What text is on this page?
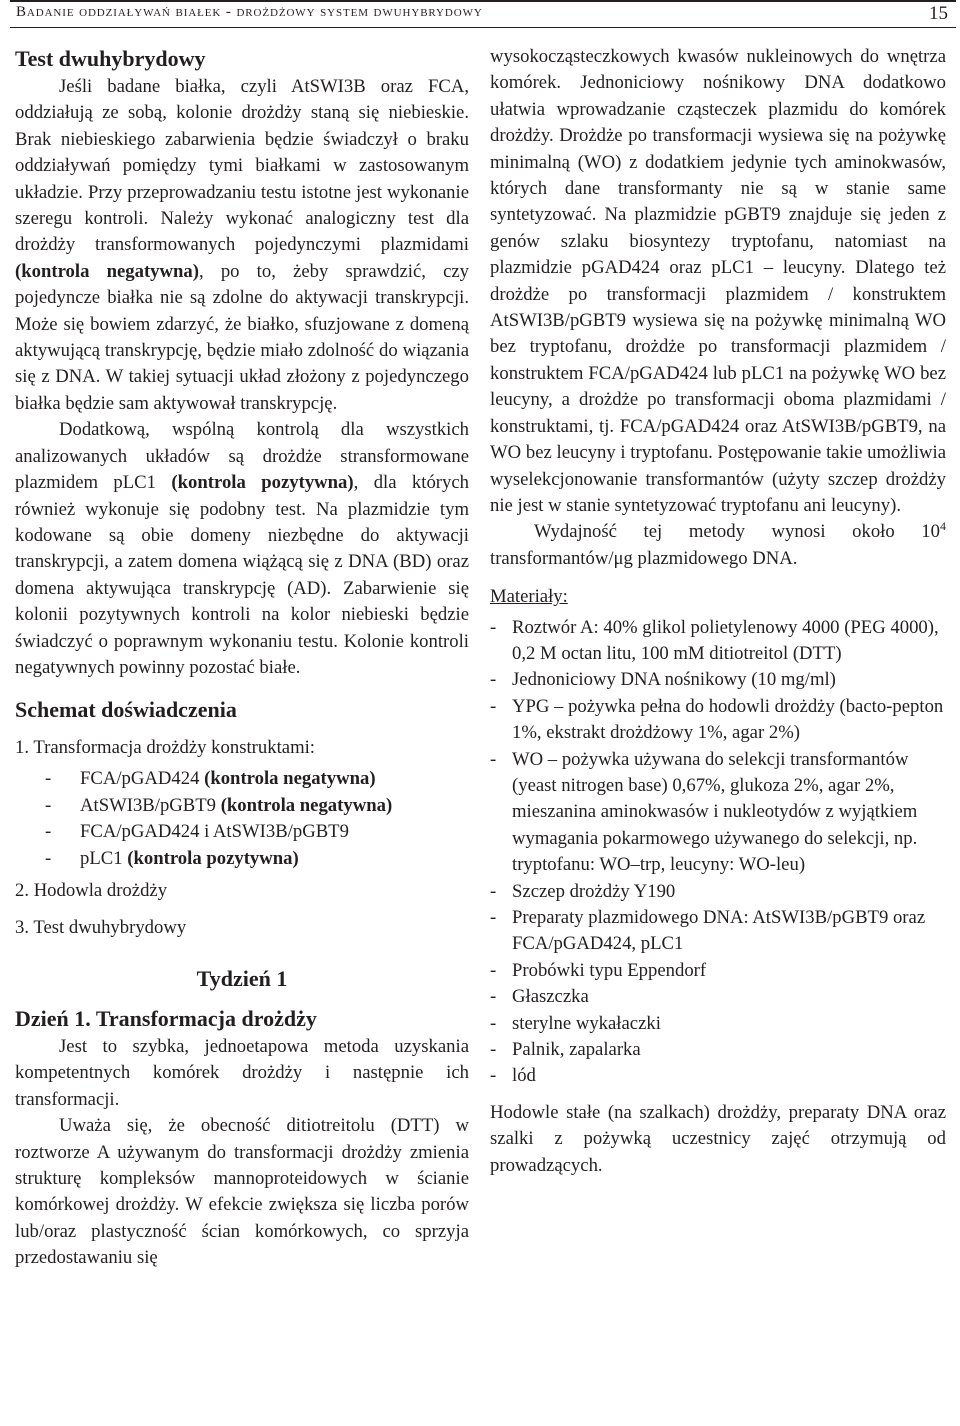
Badanie oddziaływań białek - drożdżowy system dwuhybrydowy	15
Test dwuhybrydowy

Jeśli badane białka, czyli AtSWI3B oraz FCA, oddziałują ze sobą, kolonie drożdży staną się niebieskie. Brak niebieskiego zabarwienia będzie świadczył o braku oddziaływań pomiędzy tymi białkami w zastosowanym układzie. Przy przeprowadzaniu testu istotne jest wykonanie szeregu kontroli. Należy wykonać analogiczny test dla drożdży transformowanych pojedynczymi plazmidami (kontrola negatywna), po to, żeby sprawdzić, czy pojedyncze białka nie są zdolne do aktywacji transkrypcji. Może się bowiem zdarzyć, że białko, sfuzjowane z domeną aktywującą transkrypcję, będzie miało zdolność do wiązania się z DNA. W takiej sytuacji układ złożony z pojedynczego białka będzie sam aktywował transkrypcję.

Dodatkową, wspólną kontrolą dla wszystkich analizowanych układów są drożdże stransformowane plazmidem pLC1 (kontrola pozytywna), dla których również wykonuje się podobny test. Na plazmidzie tym kodowane są obie domeny niezbędne do aktywacji transkrypcji, a zatem domena wiążącą się z DNA (BD) oraz domena aktywująca transkrypcję (AD). Zabarwienie się kolonii pozytywnych kontroli na kolor niebieski będzie świadczyć o poprawnym wykonaniu testu. Kolonie kontroli negatywnych powinny pozostać białe.

Schemat doświadczenia

1. Transformacja drożdży konstruktami:

- FCA/pGAD424 (kontrola negatywna)
- AtSWI3B/pGBT9 (kontrola negatywna)
- FCA/pGAD424 i AtSWI3B/pGBT9
- pLC1 (kontrola pozytywna)

2. Hodowla drożdży

3. Test dwuhybrydowy

Tydzień 1
Dzień 1. Transformacja drożdży

Jest to szybka, jednoetapowa metoda uzyskania kompetentnych komórek drożdży i następnie ich transformacji.

Uważa się, że obecność ditiotreitolu (DTT) w roztworze A używanym do transformacji drożdży zmienia strukturę kompleksów mannoproteidowych w ścianie komórkowej drożdży. W efekcie zwiększa się liczba porów lub/oraz plastyczność ścian komórkowych, co sprzyja przedostawaniu się

wysokocząsteczkowych kwasów nukleinowych do wnętrza komórek. Jednoniciowy nośnikowy DNA dodatkowo ułatwia wprowadzanie cząsteczek plazmidu do komórek drożdży. Drożdże po transformacji wysiewa się na pożywkę minimalną (WO) z dodatkiem jedynie tych aminokwasów, których dane transformanty nie są w stanie same syntetyzować. Na plazmidzie pGBT9 znajduje się jeden z genów szlaku biosyntezy tryptofanu, natomiast na plazmidzie pGAD424 oraz pLC1 – leucyny. Dlatego też drożdże po transformacji plazmidem / konstruktem AtSWI3B/pGBT9 wysiewa się na pożywkę minimalną WO bez tryptofanu, drożdże po transformacji plazmidem / konstruktem FCA/pGAD424 lub pLC1 na pożywkę WO bez leucyny, a drożdże po transformacji oboma plazmidami / konstruktami, tj. FCA/pGAD424 oraz AtSWI3B/pGBT9, na WO bez leucyny i tryptofanu. Postępowanie takie umożliwia wyselekcjonowanie transformantów (użyty szczep drożdży nie jest w stanie syntetyzować tryptofanu ani leucyny).

Wydajność tej metody wynosi około $10^4$ transformantów/μg plazmidowego DNA.

Materiały:

- Roztwór A: 40% glikol polietylenowy 4000 (PEG 4000), 0,2 M octan litu, 100 mM ditiotreitol (DTT)
- Jednoniciowy DNA nośnikowy (10 mg/ml)
- YPG – pożywka pełna do hodowli drożdży (bacto-pepton 1%, ekstrakt drożdżowy 1%, agar 2%)
- WO – pożywka używana do selekcji transformantów (yeast nitrogen base) 0,67%, glukoza 2%, agar 2%, mieszanina aminokwasów i nukleotydów z wyjątkiem wymagania pokarmowego używanego do selekcji, np. tryptofanu: WO–trp, leucyny: WO-leu)
- Szczep drożdży Y190
- Preparaty plazmidowego DNA: AtSWI3B/pGBT9 oraz FCA/pGAD424, pLC1
- Probówki typu Eppendorf
- Głaszczka
- sterylne wykałaczki
- Palnik, zapalarka
- lód

Hodowle stałe (na szalkach) drożdży, preparaty DNA oraz szalki z pożywką uczestnicy zajęć otrzymują od prowadzących.
